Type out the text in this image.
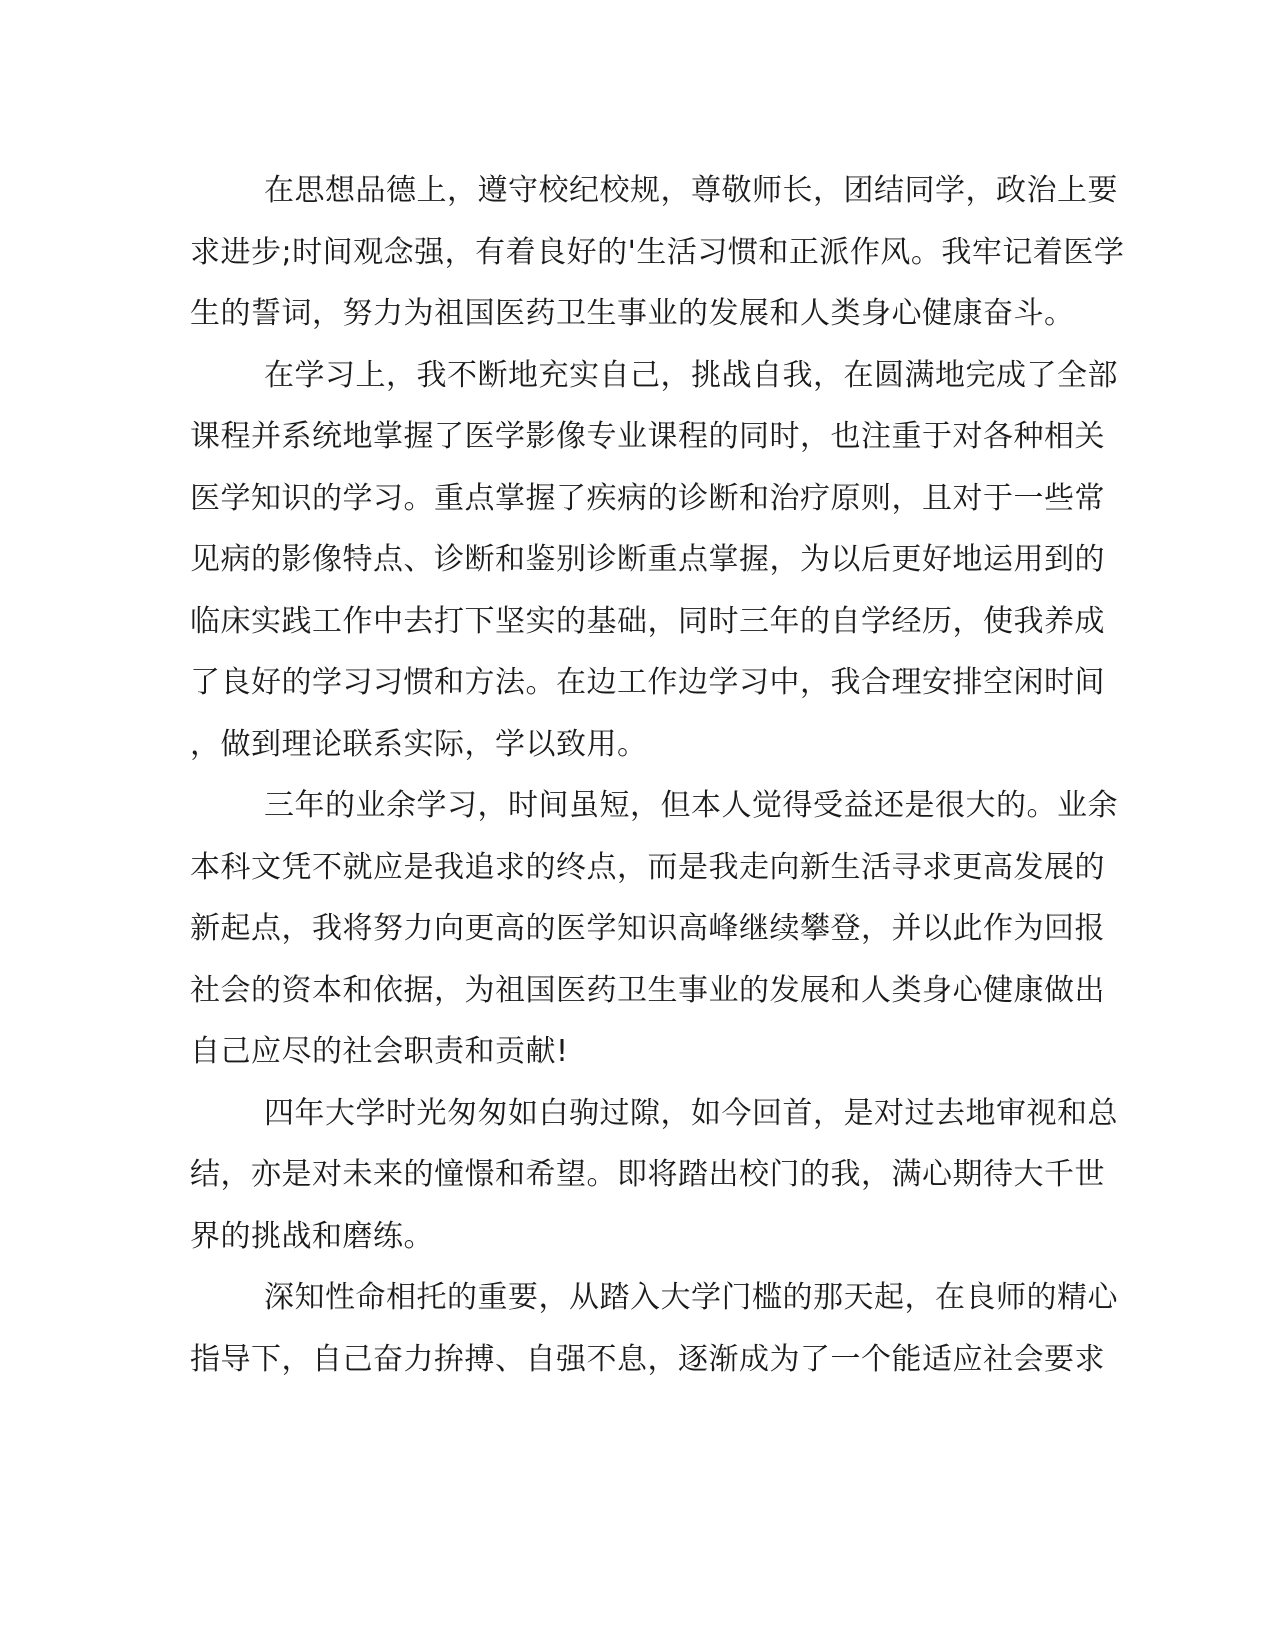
在思想品德上，遵守校纪校规，尊敬师长，团结同学，政治上要
求进步;时间观念强，有着良好的'生活习惯和正派作风。我牢记着医学
生的誓词，努力为祖国医药卫生事业的发展和人类身心健康奋斗。
在学习上，我不断地充实自己，挑战自我，在圆满地完成了全部
课程并系统地掌握了医学影像专业课程的同时，也注重于对各种相关
医学知识的学习。重点掌握了疾病的诊断和治疗原则，且对于一些常
见病的影像特点、诊断和鉴别诊断重点掌握，为以后更好地运用到的
临床实践工作中去打下坚实的基础，同时三年的自学经历，使我养成
了良好的学习习惯和方法。在边工作边学习中，我合理安排空闲时间
，做到理论联系实际，学以致用。
三年的业余学习，时间虽短，但本人觉得受益还是很大的。业余
本科文凭不就应是我追求的终点，而是我走向新生活寻求更高发展的
新起点，我将努力向更高的医学知识高峰继续攀登，并以此作为回报
社会的资本和依据，为祖国医药卫生事业的发展和人类身心健康做出
自己应尽的社会职责和贡献!
四年大学时光匆匆如白驹过隙，如今回首，是对过去地审视和总
结，亦是对未来的憧憬和希望。即将踏出校门的我，满心期待大千世
界的挑战和磨练。
深知性命相托的重要，从踏入大学门槛的那天起，在良师的精心
指导下，自己奋力拚搏、自强不息，逐渐成为了一个能适应社会要求
